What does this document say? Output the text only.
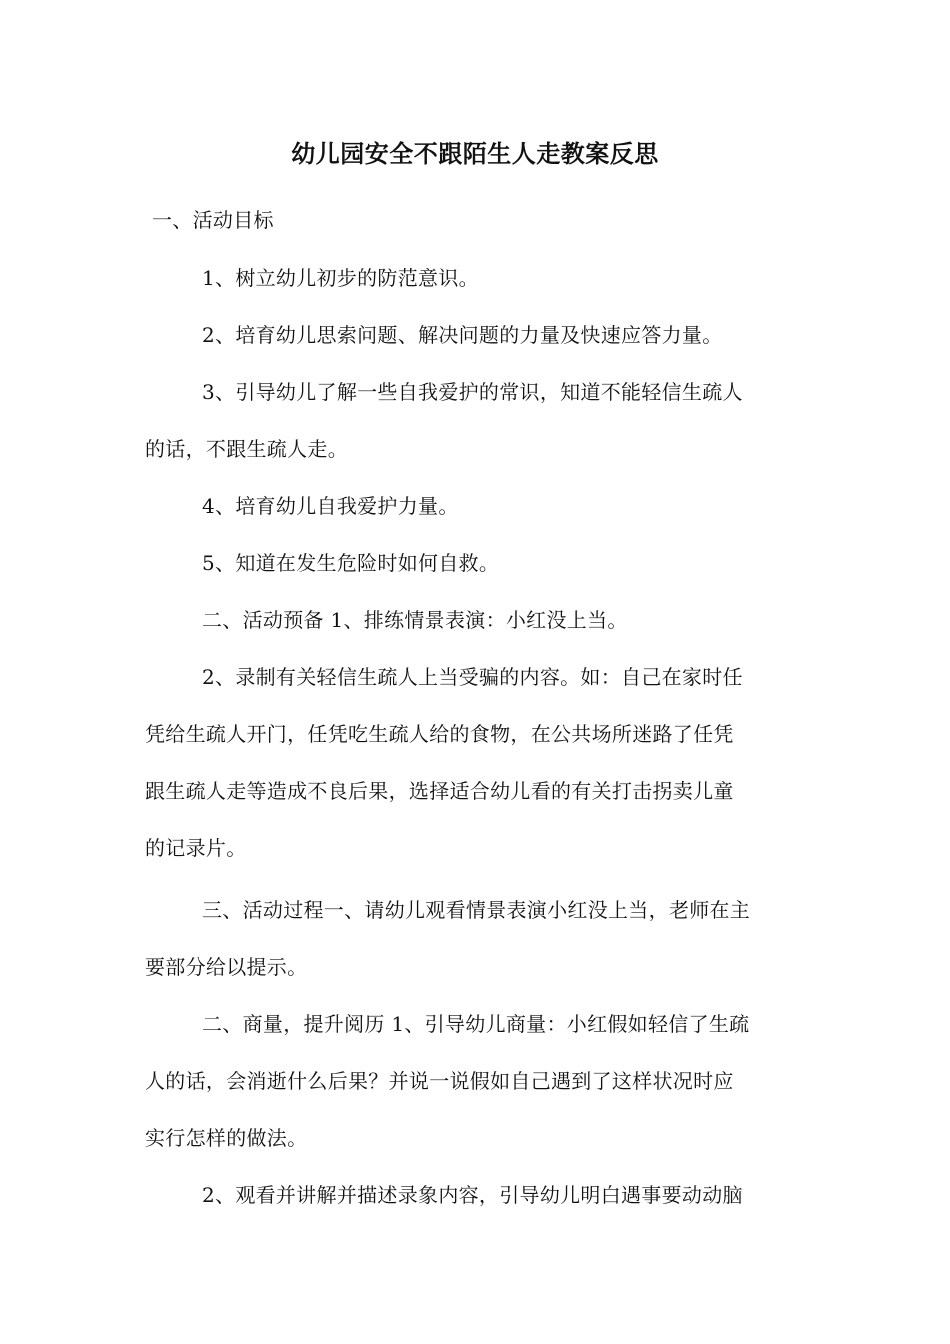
幼儿园安全不跟陌生人走教案反思
一、活动目标
1、树立幼儿初步的防范意识。
2、培育幼儿思索问题、解决问题的力量及快速应答力量。
3、引导幼儿了解一些自我爱护的常识，知道不能轻信生疏人
的话，不跟生疏人走。
4、培育幼儿自我爱护力量。
5、知道在发生危险时如何自救。
二、活动预备 1、排练情景表演：小红没上当。
2、录制有关轻信生疏人上当受骗的内容。如：自己在家时任
凭给生疏人开门，任凭吃生疏人给的食物，在公共场所迷路了任凭
跟生疏人走等造成不良后果，选择适合幼儿看的有关打击拐卖儿童
的记录片。
三、活动过程一、请幼儿观看情景表演小红没上当，老师在主
要部分给以提示。
二、商量，提升阅历 1、引导幼儿商量：小红假如轻信了生疏
人的话，会消逝什么后果？并说一说假如自己遇到了这样状况时应
实行怎样的做法。
2、观看并讲解并描述录象内容，引导幼儿明白遇事要动动脑
